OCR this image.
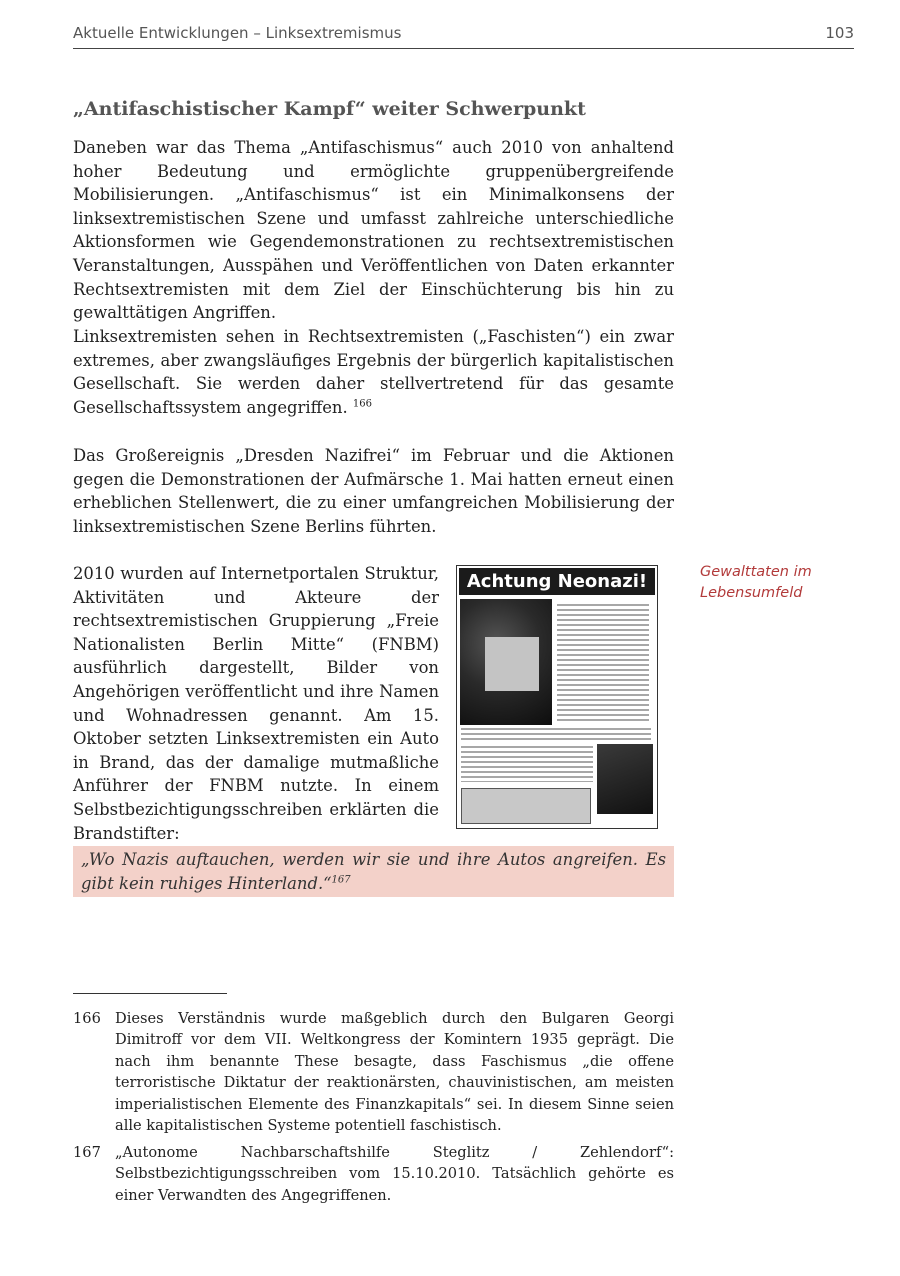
Aktuelle Entwicklungen – Linksextremismus	103
„Antifaschistischer Kampf“ weiter Schwerpunkt

Daneben war das Thema „Antifaschismus“ auch 2010 von anhaltend hoher Bedeutung und ermöglichte gruppenübergreifende Mobilisierungen. „Antifaschismus“ ist ein Minimalkonsens der linksextremistischen Szene und umfasst zahlreiche unterschiedliche Aktionsformen wie Gegendemonstrationen zu rechtsextremistischen Veranstaltungen, Ausspähen und Veröffentlichen von Daten erkannter Rechtsextremisten mit dem Ziel der Einschüchterung bis hin zu gewalttätigen Angriffen.

Linksextremisten sehen in Rechtsextremisten („Faschisten“) ein zwar extremes, aber zwangsläufiges Ergebnis der bürgerlich kapitalistischen Gesellschaft. Sie werden daher stellvertretend für das gesamte Gesellschaftssystem angegriffen. $^{166}$

Das Großereignis „Dresden Nazifrei“ im Februar und die Aktionen gegen die Demonstrationen der Aufmärsche 1. Mai hatten erneut einen erheblichen Stellenwert, die zu einer umfangreichen Mobilisierung der linksextremistischen Szene Berlins führten.

2010 wurden auf Internetportalen Struktur, Aktivitäten und Akteure der rechtsextremistischen Gruppierung „Freie Nationalisten Berlin Mitte“ (FNBM) ausführlich dargestellt, Bilder von Angehörigen veröffentlicht und ihre Namen und Wohnadressen genannt. Am 15. Oktober setzten Linksextremisten ein Auto in Brand, das der damalige mutmaßliche Anführer der FNBM nutzte. In einem Selbstbezichtigungsschreiben erklärten die Brandstifter:

Gewalttaten im
Lebensumfeld
Achtung Neonazi!

„Wo Nazis auftauchen, werden wir sie und ihre Autos angreifen. Es gibt kein ruhiges Hinterland.“$^{167}$

166 Dieses Verständnis wurde maßgeblich durch den Bulgaren Georgi Dimitroff vor dem VII. Weltkongress der Komintern 1935 geprägt. Die nach ihm benannte These besagte, dass Faschismus „die offene terroristische Diktatur der reaktionärsten, chauvinistischen, am meisten imperialistischen Elemente des Finanzkapitals“ sei. In diesem Sinne seien alle kapitalistischen Systeme potentiell faschistisch.
167 „Autonome Nachbarschaftshilfe Steglitz / Zehlendorf“: Selbstbezichtigungsschreiben vom 15.10.2010. Tatsächlich gehörte es einer Verwandten des Angegriffenen.
